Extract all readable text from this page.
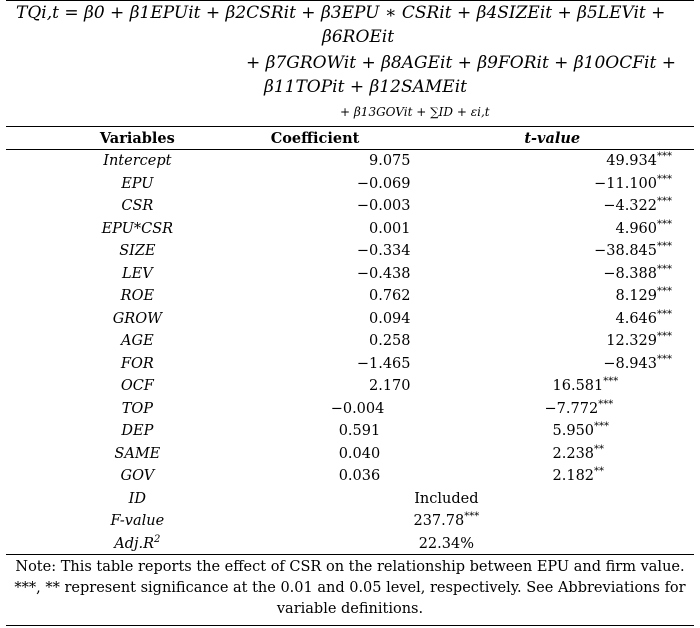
TQi,t = β0 + β1EPUit + β2CSRit + β3EPU ∗ CSRit + β4SIZEit + β5LEVit +
β6ROEit
+ β7GROWit + β8AGEit + β9FORit + β10OCFit +
β11TOPit + β12SAMEit
+ β13GOVit + ∑ID + εi,t
Variables	Coefficient	t-value
Intercept	9.075	49.934***
EPU	−0.069	−11.100***
CSR	−0.003	−4.322***
EPU*CSR	0.001	4.960***
SIZE	−0.334	−38.845***
LEV	−0.438	−8.388***
ROE	0.762	8.129***
GROW	0.094	4.646***
AGE	0.258	12.329***
FOR	−1.465	−8.943***
OCF	2.170	16.581***
TOP	−0.004	−7.772***
DEP	0.591	5.950***
SAME	0.040	2.238**
GOV	0.036	2.182**
ID	Included	
F-value	237.78***
$Adj.R^2$	22.34%	
Note: This table reports the effect of CSR on the relationship between EPU and firm value. ***, ** represent significance at the 0.01 and 0.05 level, respectively. See Abbreviations for variable definitions.
